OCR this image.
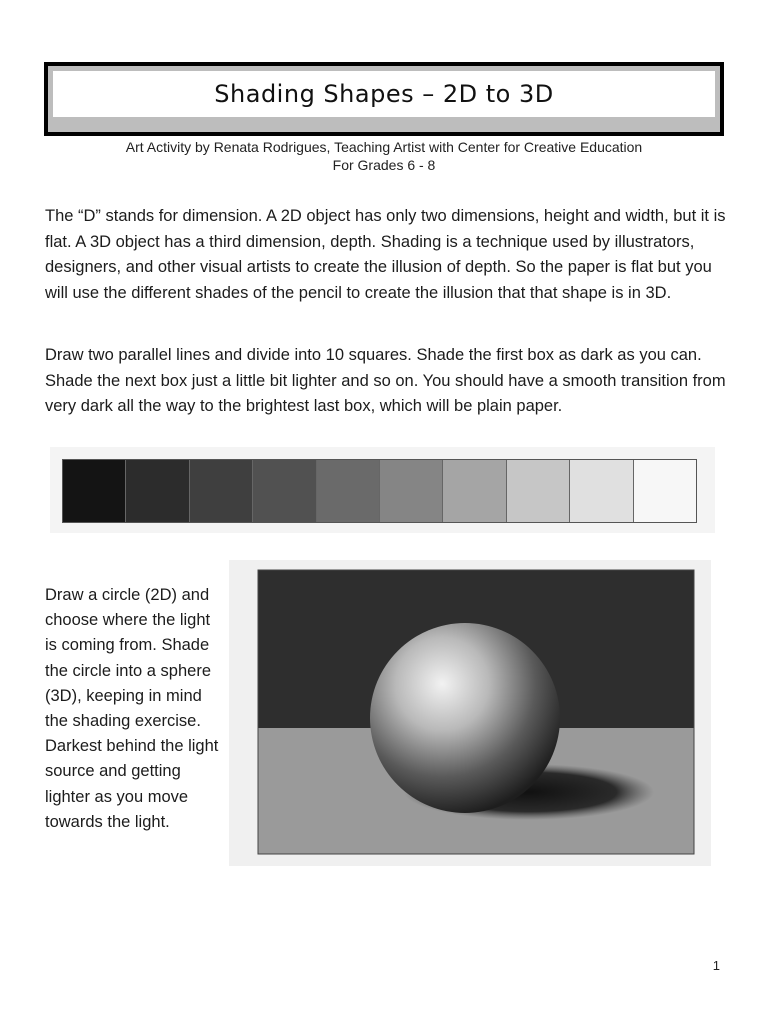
Shading Shapes – 2D to 3D
Art Activity by Renata Rodrigues, Teaching Artist with Center for Creative Education
For Grades 6 - 8

The “D” stands for dimension. A 2D object has only two dimensions, height and width, but it is flat. A 3D object has a third dimension, depth. Shading is a technique used by illustrators, designers, and other visual artists to create the illusion of depth. So the paper is flat but you will use the different shades of the pencil to create the illusion that that shape is in 3D.

Draw two parallel lines and divide into 10 squares. Shade the first box as dark as you can. Shade the next box just a little bit lighter and so on. You should have a smooth transition from very dark all the way to the brightest last box, which will be plain paper.

Draw a circle (2D) and choose where the light is coming from. Shade the circle into a sphere (3D), keeping in mind the shading exercise. Darkest behind the light source and getting lighter as you move towards the light.

1
